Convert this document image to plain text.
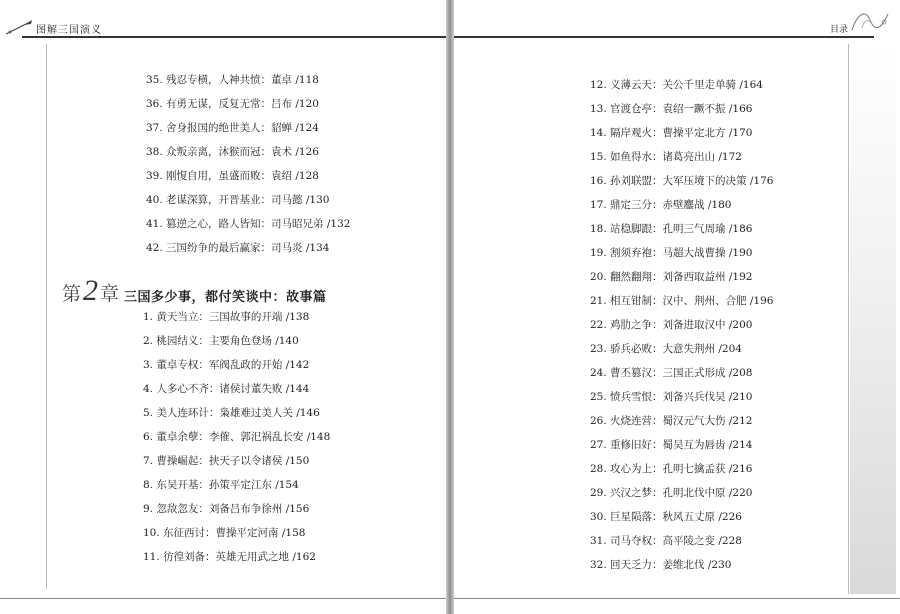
图解三国演义
35. 残忍专横，人神共愤：董卓 /118
36. 有勇无谋，反复无常：吕布 /120
37. 舍身报国的绝世美人：貂蝉 /124
38. 众叛亲离，沐猴而冠：袁术 /126
39. 刚愎自用，虽盛而败：袁绍 /128
40. 老谋深算，开晋基业：司马懿 /130
41. 篡逆之心，路人皆知：司马昭兄弟 /132
42. 三国纷争的最后赢家：司马炎 /134
第2 章 三国多少事，都付笑谈中：故事篇
1. 黄天当立：三国故事的开端 /138
2. 桃园结义：主要角色登场 /140
3. 董卓专权：军阀乱政的开始 /142
4. 人多心不齐：诸侯讨董失败 /144
5. 美人连环计：枭雄难过美人关 /146
6. 董卓余孽：李傕、郭汜祸乱长安 /148
7. 曹操崛起：挟天子以令诸侯 /150
8. 东吴开基：孙策平定江东 /154
9. 忽敌忽友：刘备吕布争徐州 /156
10. 东征西讨：曹操平定河南 /158
11. 彷徨刘备：英雄无用武之地 /162
目录
12. 义薄云天：关公千里走单骑 /164
13. 官渡仓亭：袁绍一蹶不振 /166
14. 隔岸观火：曹操平定北方 /170
15. 如鱼得水：诸葛亮出山 /172
16. 孙刘联盟：大军压境下的决策 /176
17. 鼎定三分：赤壁鏖战 /180
18. 站稳脚跟：孔明三气周瑜 /186
19. 割须弃袍：马超大战曹操 /190
20. 翻然翻翔：刘备西取益州 /192
21. 相互钳制：汉中、荆州、合肥 /196
22. 鸡肋之争：刘备进取汉中 /200
23. 骄兵必败：大意失荆州 /204
24. 曹丕篡汉：三国正式形成 /208
25. 愤兵雪恨：刘备兴兵伐吴 /210
26. 火烧连营：蜀汉元气大伤 /212
27. 重修旧好：蜀吴互为唇齿 /214
28. 攻心为上：孔明七擒孟获 /216
29. 兴汉之梦：孔明北伐中原 /220
30. 巨星陨落：秋风五丈原 /226
31. 司马夺权：高平陵之变 /228
32. 回天乏力：姜维北伐 /230
